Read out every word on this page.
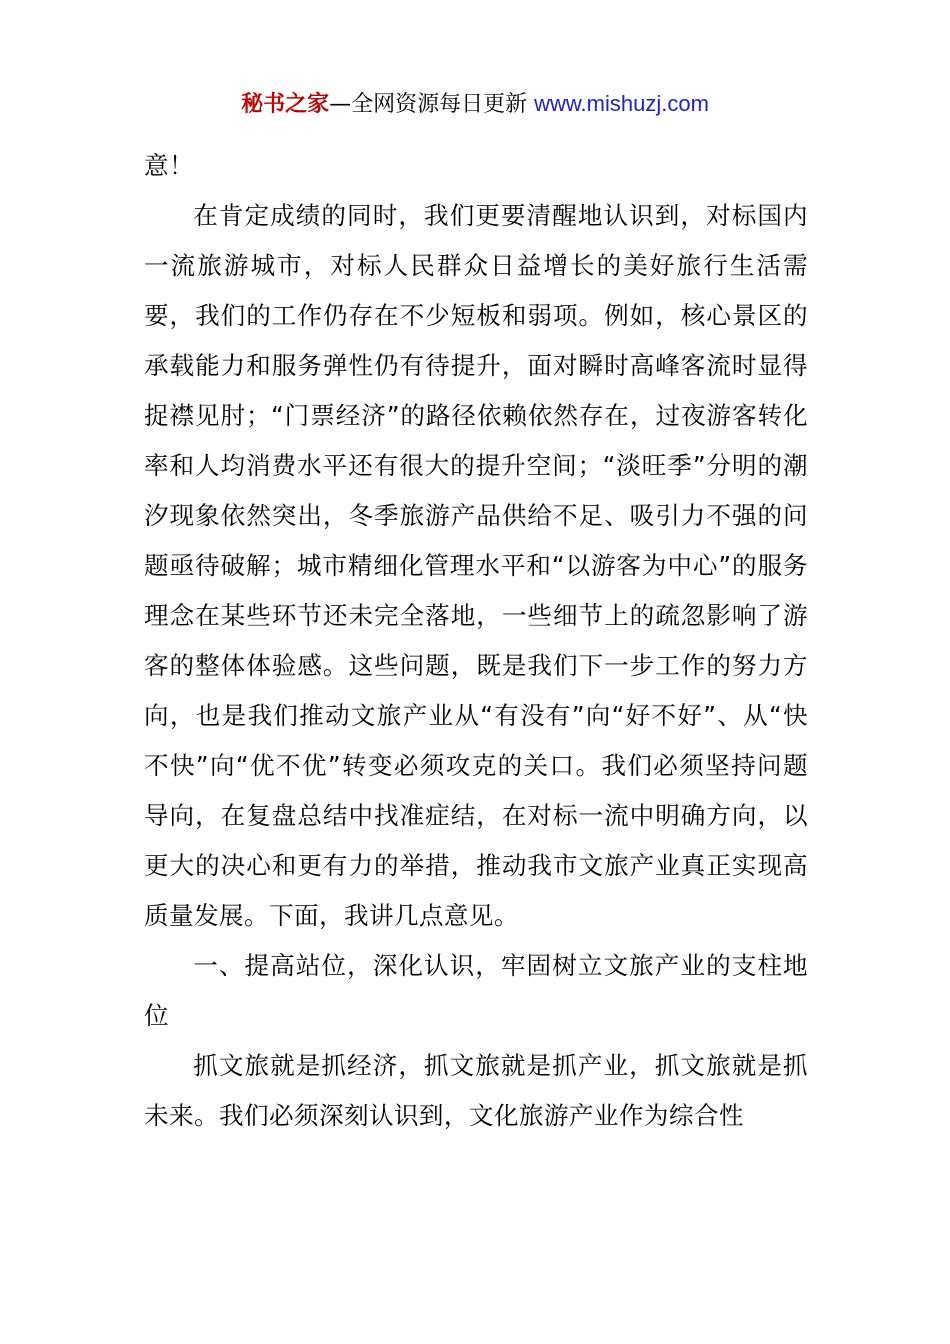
秘书之家—全网资源每日更新 www.mishuzj.com

意！

在肯定成绩的同时，我们更要清醒地认识到，对标国内一流旅游城市，对标人民群众日益增长的美好旅行生活需要，我们的工作仍存在不少短板和弱项。例如，核心景区的承载能力和服务弹性仍有待提升，面对瞬时高峰客流时显得捉襟见肘；“门票经济”的路径依赖依然存在，过夜游客转化率和人均消费水平还有很大的提升空间；“淡旺季”分明的潮汐现象依然突出，冬季旅游产品供给不足、吸引力不强的问题亟待破解；城市精细化管理水平和“以游客为中心”的服务理念在某些环节还未完全落地，一些细节上的疏忽影响了游客的整体体验感。这些问题，既是我们下一步工作的努力方向，也是我们推动文旅产业从“有没有”向“好不好”、从“快不快”向“优不优”转变必须攻克的关口。我们必须坚持问题导向，在复盘总结中找准症结，在对标一流中明确方向，以更大的决心和更有力的举措，推动我市文旅产业真正实现高质量发展。下面，我讲几点意见。

一、提高站位，深化认识，牢固树立文旅产业的支柱地位

抓文旅就是抓经济，抓文旅就是抓产业，抓文旅就是抓未来。我们必须深刻认识到，文化旅游产业作为综合性
